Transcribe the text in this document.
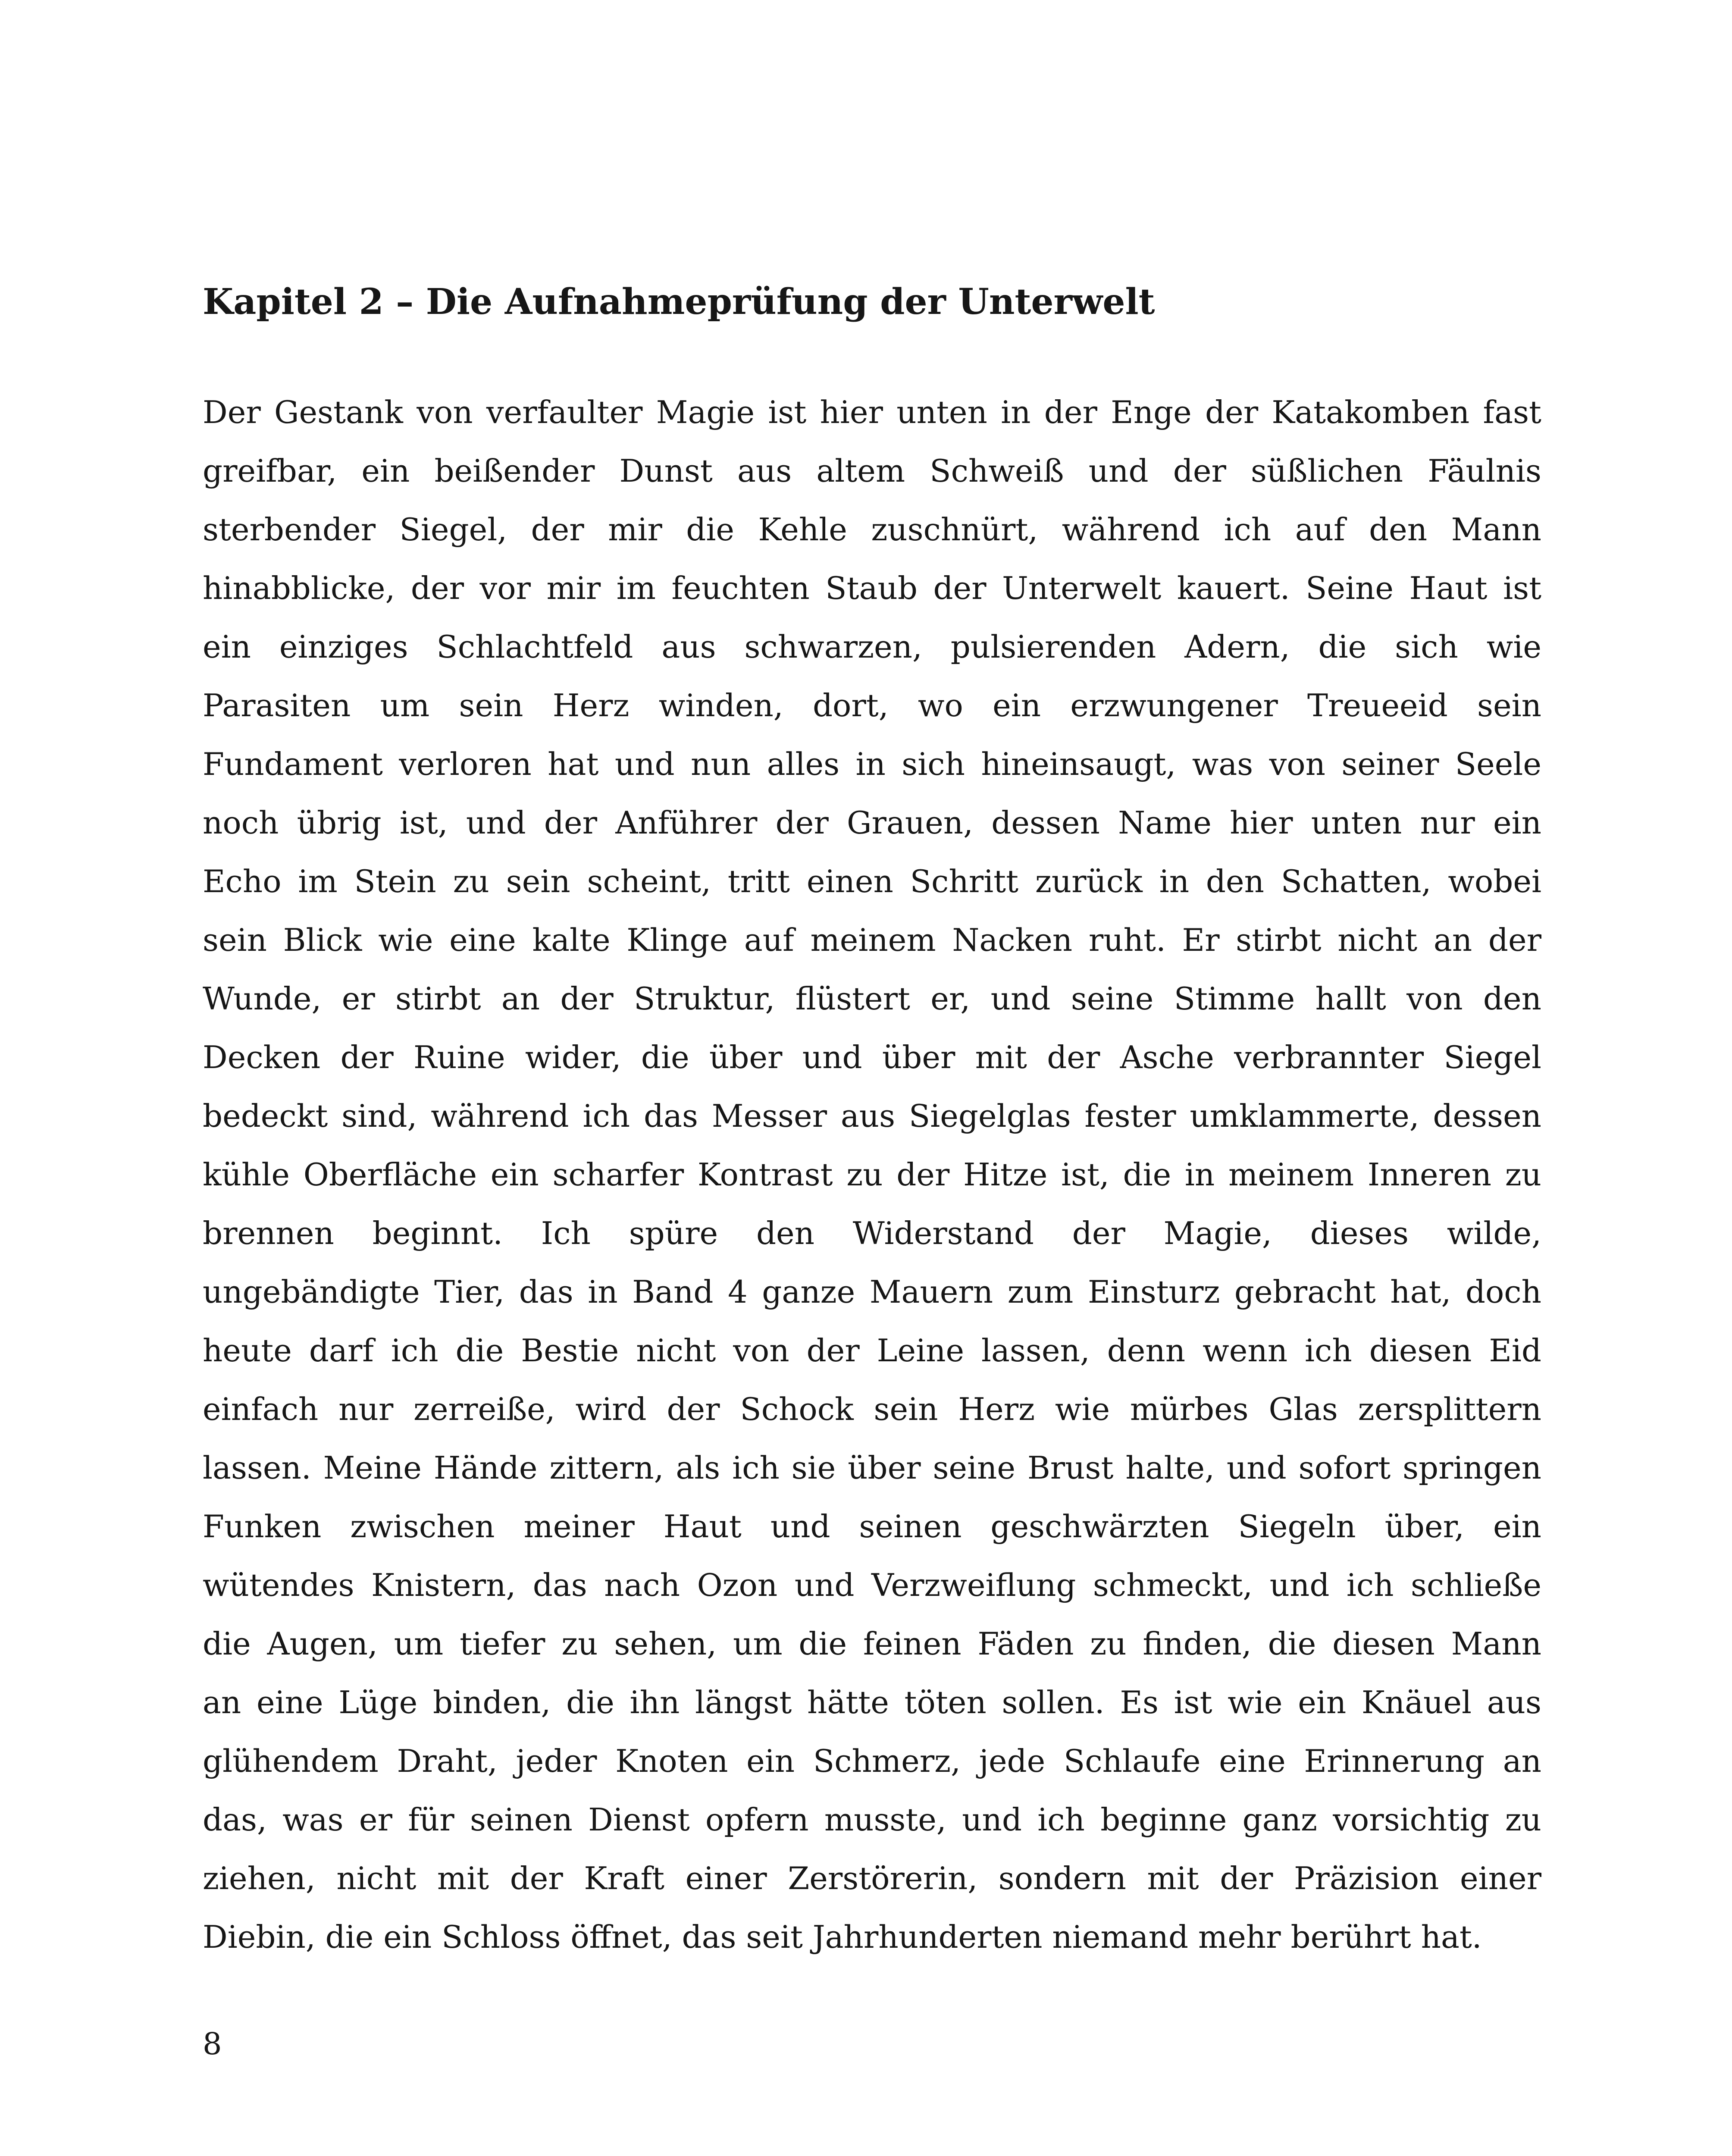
Kapitel 2 – Die Aufnahmeprüfung der Unterwelt
Der Gestank von verfaulter Magie ist hier unten in der Enge der Katakomben fast
greifbar, ein beißender Dunst aus altem Schweiß und der süßlichen Fäulnis
sterbender Siegel, der mir die Kehle zuschnürt, während ich auf den Mann
hinabblicke, der vor mir im feuchten Staub der Unterwelt kauert. Seine Haut ist
ein einziges Schlachtfeld aus schwarzen, pulsierenden Adern, die sich wie
Parasiten um sein Herz winden, dort, wo ein erzwungener Treueeid sein
Fundament verloren hat und nun alles in sich hineinsaugt, was von seiner Seele
noch übrig ist, und der Anführer der Grauen, dessen Name hier unten nur ein
Echo im Stein zu sein scheint, tritt einen Schritt zurück in den Schatten, wobei
sein Blick wie eine kalte Klinge auf meinem Nacken ruht. Er stirbt nicht an der
Wunde, er stirbt an der Struktur, flüstert er, und seine Stimme hallt von den
Decken der Ruine wider, die über und über mit der Asche verbrannter Siegel
bedeckt sind, während ich das Messer aus Siegelglas fester umklammerte, dessen
kühle Oberfläche ein scharfer Kontrast zu der Hitze ist, die in meinem Inneren zu
brennen beginnt. Ich spüre den Widerstand der Magie, dieses wilde,
ungebändigte Tier, das in Band 4 ganze Mauern zum Einsturz gebracht hat, doch
heute darf ich die Bestie nicht von der Leine lassen, denn wenn ich diesen Eid
einfach nur zerreiße, wird der Schock sein Herz wie mürbes Glas zersplittern
lassen. Meine Hände zittern, als ich sie über seine Brust halte, und sofort springen
Funken zwischen meiner Haut und seinen geschwärzten Siegeln über, ein
wütendes Knistern, das nach Ozon und Verzweiflung schmeckt, und ich schließe
die Augen, um tiefer zu sehen, um die feinen Fäden zu finden, die diesen Mann
an eine Lüge binden, die ihn längst hätte töten sollen. Es ist wie ein Knäuel aus
glühendem Draht, jeder Knoten ein Schmerz, jede Schlaufe eine Erinnerung an
das, was er für seinen Dienst opfern musste, und ich beginne ganz vorsichtig zu
ziehen, nicht mit der Kraft einer Zerstörerin, sondern mit der Präzision einer
Diebin, die ein Schloss öffnet, das seit Jahrhunderten niemand mehr berührt hat.

8
